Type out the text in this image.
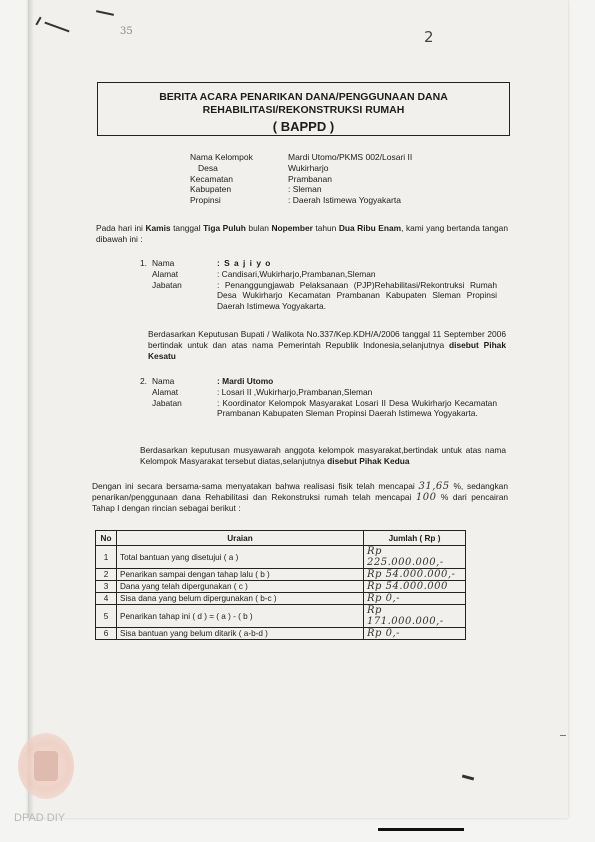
35	2
BERITA ACARA PENARIKAN DANA/PENGGUNAAN DANA
REHABILITASI/REKONSTRUKSI RUMAH
( BAPPD )
Nama Kelompok	Mardi Utomo/PKMS 002/Losari II
Desa	Wukirharjo
Kecamatan	Prambanan
Kabupaten	: Sleman
Propinsi	: Daerah Istimewa Yogyakarta
Pada hari ini Kamis tanggal Tiga Puluh bulan Nopember tahun Dua Ribu Enam, kami yang bertanda tangan dibawah ini :
1. Nama	: S a j i y o
Alamat	: Candisari,Wukirharjo,Prambanan,Sleman
Jabatan	: Penanggungjawab Pelaksanaan (PJP)Rehabilitasi/Rekontruksi Rumah Desa Wukirharjo Kecamatan Prambanan Kabupaten Sleman Propinsi Daerah Istimewa Yogyakarta.
Berdasarkan Keputusan Bupati / Walikota No.337/Kep.KDH/A/2006 tanggal 11 September 2006 bertindak untuk dan atas nama Pemerintah Republik Indonesia,selanjutnya disebut Pihak Kesatu
2. Nama	: Mardi Utomo
Alamat	: Losari II ,Wukirharjo,Prambanan,Sleman
Jabatan	: Koordinator Kelompok Masyarakat Losari II Desa Wukirharjo Kecamatan Prambanan Kabupaten Sleman Propinsi Daerah Istimewa Yogyakarta.
Berdasarkan keputusan musyawarah anggota kelompok masyarakat,bertindak untuk atas nama Kelompok Masyarakat tersebut diatas,selanjutnya disebut Pihak Kedua
Dengan ini secara bersama-sama menyatakan bahwa realisasi fisik telah mencapai 31,65 %, sedangkan penarikan/penggunaan dana Rehabilitasi dan Rekonstruksi rumah telah mencapai 100 % dari pencairan Tahap I dengan rincian sebagai berikut :
No	Uraian	Jumlah ( Rp )
1	Total bantuan yang disetujui ( a )	Rp 225.000.000,-
2	Penarikan sampai dengan tahap lalu ( b )	Rp 54.000.000,-
3	Dana yang telah dipergunakan ( c )	Rp 54.000.000
4	Sisa dana yang belum dipergunakan ( b-c )	Rp 0,-
5	Penarikan tahap ini ( d ) = ( a ) - ( b )	Rp 171.000.000,-
6	Sisa bantuan yang belum ditarik ( a-b-d )	Rp 0,-
DPAD DIY
